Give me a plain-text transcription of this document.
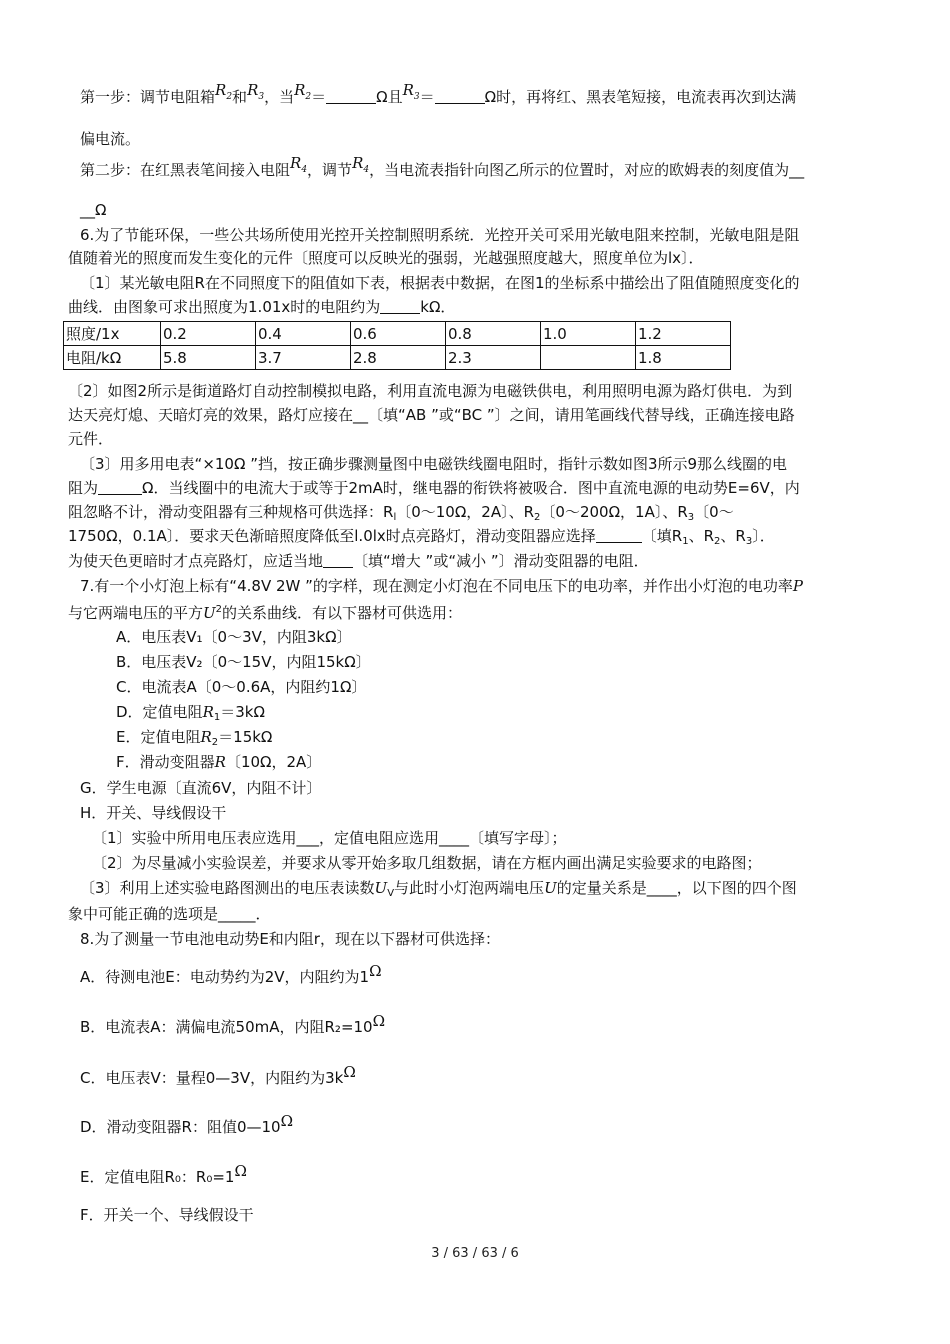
第一步：调节电阻箱$R_2$和$R_3$，当$R_2=$	Ω且$R_3=$	Ω时，再将红、黑表笔短接，电流表再次到达满
偏电流。
第二步：在红黑表笔间接入电阻$R_4$，调节$R_4$，当电流表指针向图乙所示的位置时，对应的欧姆表的刻度值为__
__Ω
6.为了节能环保，一些公共场所使用光控开关控制照明系统．光控开关可采用光敏电阻来控制，光敏电阻是阻
值随着光的照度而发生变化的元件〔照度可以反映光的强弱，光越强照度越大，照度单位为lx〕．
〔1〕某光敏电阻R在不同照度下的阻值如下表，根据表中数据，在图1的坐标系中描绘出了阻值随照度变化的
曲线．由图象可求出照度为1.01x时的电阻约为	kΩ．
照度/1x	0.2	0.4	0.6	0.8	1.0	1.2
电阻/kΩ	5.8	3.7	2.8	2.3		1.8
〔2〕如图2所示是街道路灯自动控制模拟电路，利用直流电源为电磁铁供电，利用照明电源为路灯供电．为到
达天亮灯熄、天暗灯亮的效果，路灯应接在__〔填“AB ”或“BC ”〕之间，请用笔画线代替导线，正确连接电路
元件．
〔3〕用多用电表“×10Ω ”挡，按正确步骤测量图中电磁铁线圈电阻时，指针示数如图3所示9那么线圈的电
阻为	Ω．当线圈中的电流大于或等于2mA时，继电器的衔铁将被吸合．图中直流电源的电动势E=6V，内
阻忽略不计，滑动变阻器有三种规格可供选择：$R_l$〔0～10Ω，2A〕、$R_2$〔0～200Ω，1A〕、$R_3$〔0～
1750Ω，0.1A〕．要求天色渐暗照度降低至l.0lx时点亮路灯，滑动变阻器应选择	〔填$R_1$、$R_2$、$R_3$〕．
为使天色更暗时才点亮路灯，应适当地 〔填“增大 ”或“减小 ”〕滑动变阻器的电阻．
7.有一个小灯泡上标有“4.8V 2W ”的字样，现在测定小灯泡在不同电压下的电功率，并作出小灯泡的电功率P
与它两端电压的平方$U^2$的关系曲线．有以下器材可供选用：
A．电压表V₁〔0～3V，内阻3kΩ〕
B．电压表V₂〔0～15V，内阻15kΩ〕
C．电流表A〔0～0.6A，内阻约1Ω〕
D．定值电阻$R_1=3k\Omega$
E．定值电阻$R_2=15k\Omega$
F．滑动变阻器R〔10Ω，2A〕
G．学生电源〔直流6V，内阻不计〕
H．开关、导线假设干
〔1〕实验中所用电压表应选用___，定值电阻应选用____〔填写字母〕；
〔2〕为尽量减小实验误差，并要求从零开始多取几组数据，请在方框内画出满足实验要求的电路图；
〔3〕利用上述实验电路图测出的电压表读数$U_V$与此时小灯泡两端电压U的定量关系是____，以下图的四个图
象中可能正确的选项是_____．
8.为了测量一节电池电动势E和内阻r，现在以下器材可供选择：
A．待测电池E：电动势约为2V，内阻约为1Ω
B．电流表A：满偏电流50mA，内阻R₂=10Ω
C．电压表V：量程0—3V，内阻约为3kΩ
D．滑动变阻器R：阻值0—10Ω
E．定值电阻R₀：R₀=1Ω
F．开关一个、导线假设干
3 / 63 / 63 / 6
